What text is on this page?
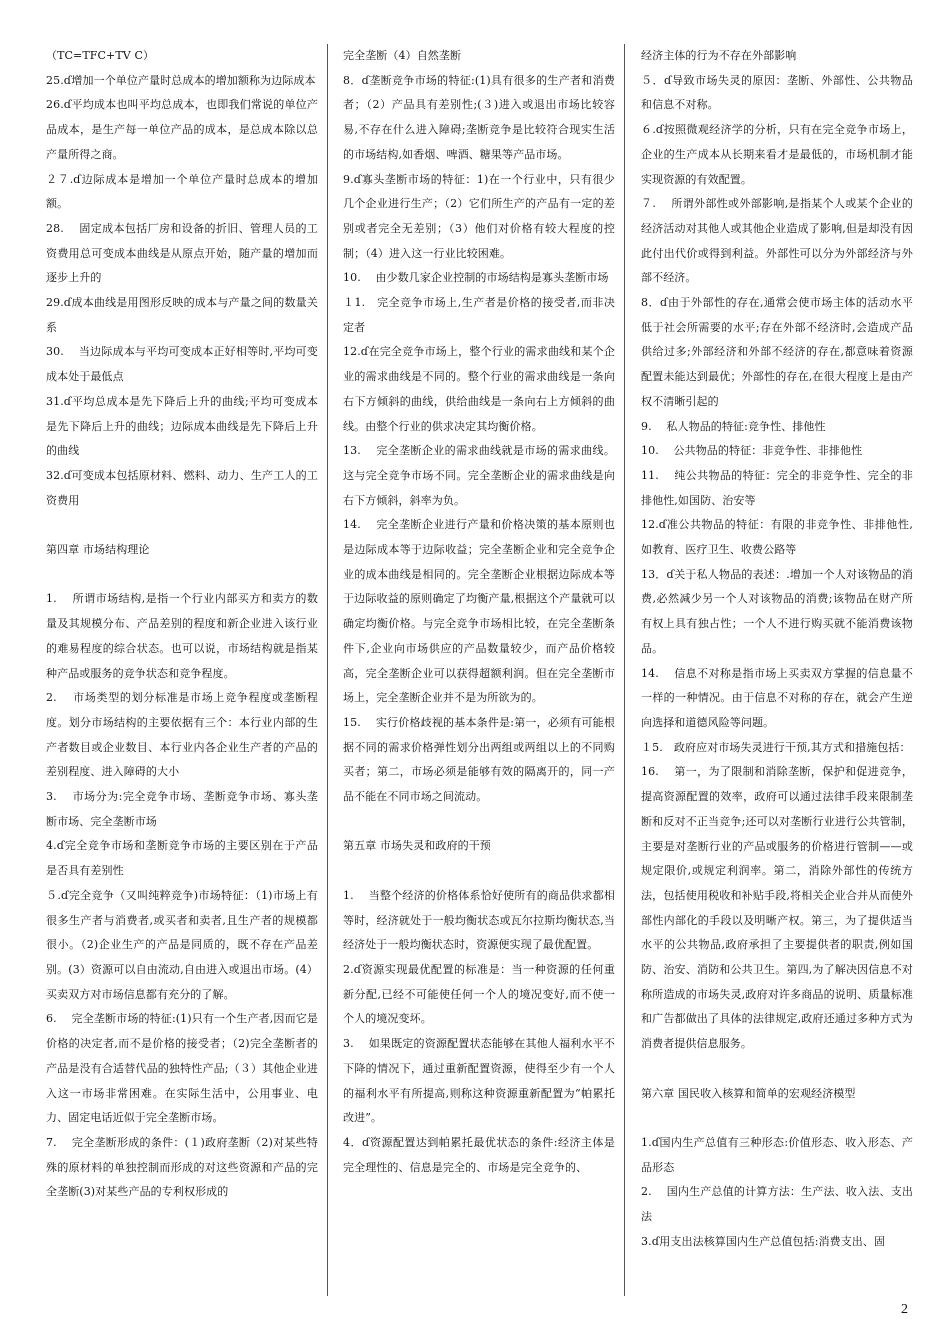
（TC=TFC+TV C）

25.ɗ增加一个单位产量时总成本的增加额称为边际成本

26.ɗ平均成本也叫平均总成本，也即我们常说的单位产品成本，是生产每一单位产品的成本，是总成本除以总产量所得之商。

２７.ɗ边际成本是增加一个单位产量时总成本的增加额。

28.　 固定成本包括厂房和设备的折旧、管理人员的工资费用总可变成本曲线是从原点开始，随产量的增加而逐步上升的

29.ɗ成本曲线是用图形反映的成本与产量之间的数量关系

30.　 当边际成本与平均可变成本正好相等时,平均可变成本处于最低点

31.ɗ平均总成本是先下降后上升的曲线;平均可变成本是先下降后上升的曲线；边际成本曲线是先下降后上升的曲线

32.ɗ可变成本包括原材料、燃料、动力、生产工人的工资费用

第四章 市场结构理论

1.　 所谓市场结构,是指一个行业内部买方和卖方的数量及其规模分布、产品差别的程度和新企业进入该行业的难易程度的综合状态。也可以说，市场结构就是指某种产品或服务的竞争状态和竞争程度。

2.　 市场类型的划分标准是市场上竞争程度或垄断程度。划分市场结构的主要依据有三个：本行业内部的生产者数目或企业数目、本行业内各企业生产者的产品的差别程度、进入障碍的大小

3.　 市场分为:完全竞争市场、垄断竞争市场、寡头垄断市场、完全垄断市场

4.ɗ完全竞争市场和垄断竞争市场的主要区别在于产品是否具有差别性

５.ɗ完全竞争（又叫纯粹竞争)市场特征：（1)市场上有很多生产者与消费者,或买者和卖者,且生产者的规模都很小。（2)企业生产的产品是同质的，既不存在产品差别。(3）资源可以自由流动,自由进入或退出市场。(4）买卖双方对市场信息都有充分的了解。

6.　 完全垄断市场的特征:(1)只有一个生产者,因而它是价格的决定者,而不是价格的接受者；（2)完全垄断者的产品是没有合适替代品的独特性产品;（３）其他企业进入这一市场非常困难。在实际生活中，公用事业、电力、固定电话近似于完全垄断市场。

7.　 完全垄断形成的条件：(１)政府垄断（2)对某些特殊的原材料的单独控制而形成的对这些资源和产品的完全垄断(3)对某些产品的专利权形成的

完全垄断（4）自然垄断

8．ɗ垄断竞争市场的特征:(1)具有很多的生产者和消费者；（2）产品具有差别性;(３)进入或退出市场比较容易,不存在什么进入障碍;垄断竞争是比较符合现实生活的市场结构,如香烟、啤酒、糖果等产品市场。

9.ɗ寡头垄断市场的特征：1)在一个行业中，只有很少几个企业进行生产；（2）它们所生产的产品有一定的差别或者完全无差别；（3）他们对价格有较大程度的控制；（4）进入这一行业比较困难。

10.　 由少数几家企业控制的市场结构是寡头垄断市场

１1.　完全竞争市场上,生产者是价格的接受者,而非决定者

12.ɗ在完全竞争市场上，整个行业的需求曲线和某个企业的需求曲线是不同的。整个行业的需求曲线是一条向右下方倾斜的曲线，供给曲线是一条向右上方倾斜的曲线。由整个行业的供求决定其均衡价格。

13.　 完全垄断企业的需求曲线就是市场的需求曲线。这与完全竞争市场不同。完全垄断企业的需求曲线是向右下方倾斜，斜率为负。

14.　 完全垄断企业进行产量和价格决策的基本原则也是边际成本等于边际收益；完全垄断企业和完全竞争企业的成本曲线是相同的。完全垄断企业根据边际成本等于边际收益的原则确定了均衡产量,根据这个产量就可以确定均衡价格。与完全竞争市场相比较，在完全垄断条件下,企业向市场供应的产品数量较少，而产品价格较高，完全垄断企业可以获得超额利润。但在完全垄断市场上，完全垄断企业并不是为所欲为的。

15.　 实行价格歧视的基本条件是:第一，必须有可能根据不同的需求价格弹性划分出两组或两组以上的不同购买者；第二，市场必须是能够有效的隔离开的，同一产品不能在不同市场之间流动。

第五章 市场失灵和政府的干预

1.　 当整个经济的价格体系恰好使所有的商品供求都相等时，经济就处于一般均衡状态或瓦尔拉斯均衡状态,当经济处于一般均衡状态时，资源便实现了最优配置。

2.ɗ资源实现最优配置的标准是：当一种资源的任何重新分配,已经不可能使任何一个人的境况变好,而不使一个人的境况变坏。

3.　 如果既定的资源配置状态能够在其他人福利水平不下降的情况下，通过重新配置资源，使得至少有一个人的福利水平有所提高,则称这种资源重新配置为“帕累托改进”。

4．ɗ资源配置达到帕累托最优状态的条件:经济主体是完全理性的、信息是完全的、市场是完全竞争的、

经济主体的行为不存在外部影响

５．ɗ导致市场失灵的原因：垄断、外部性、公共物品和信息不对称。

６.ɗ按照微观经济学的分析，只有在完全竞争市场上，企业的生产成本从长期来看才是最低的，市场机制才能实现资源的有效配置。

７.　 所谓外部性或外部影响,是指某个人或某个企业的经济活动对其他人或其他企业造成了影响,但是却没有因此付出代价或得到利益。外部性可以分为外部经济与外部不经济。

8．ɗ由于外部性的存在,通常会使市场主体的活动水平低于社会所需要的水平;存在外部不经济时,会造成产品供给过多;外部经济和外部不经济的存在,都意味着资源配置未能达到最优；外部性的存在,在很大程度上是由产权不清晰引起的

9.　 私人物品的特征:竞争性、排他性

10.　 公共物品的特征：非竞争性、非排他性

11.　 纯公共物品的特征：完全的非竞争性、完全的非排他性,如国防、治安等

12.ɗ准公共物品的特征：有限的非竞争性、非排他性,如教育、医疗卫生、收费公路等

13．ɗ关于私人物品的表述：.增加一个人对该物品的消费,必然减少另一个人对该物品的消费;该物品在财产所有权上具有独占性；一个人不进行购买就不能消费该物品。

14.　 信息不对称是指市场上买卖双方掌握的信息量不一样的一种情况。由于信息不对称的存在，就会产生逆向选择和道德风险等问题。

１5.　政府应对市场失灵进行干预,其方式和措施包括：

16.　 第一，为了限制和消除垄断，保护和促进竞争，提高资源配置的效率，政府可以通过法律手段来限制垄断和反对不正当竞争;还可以对垄断行业进行公共管制，主要是对垄断行业的产品或服务的价格进行管制——或规定限价,或规定利润率。第二，消除外部性的传统方法，包括使用税收和补贴手段,将相关企业合并从而使外部性内部化的手段以及明晰产权。第三，为了提供适当水平的公共物品,政府承担了主要提供者的职责,例如国防、治安、消防和公共卫生。第四,为了解决因信息不对称所造成的市场失灵,政府对许多商品的说明、质量标准和广告都做出了具体的法律规定,政府还通过多种方式为消费者提供信息服务。

第六章 国民收入核算和简单的宏观经济模型

1.ɗ国内生产总值有三种形态:价值形态、收入形态、产品形态

2.　 国内生产总值的计算方法：生产法、收入法、支出法

3.ɗ用支出法核算国内生产总值包括:消费支出、固

2
